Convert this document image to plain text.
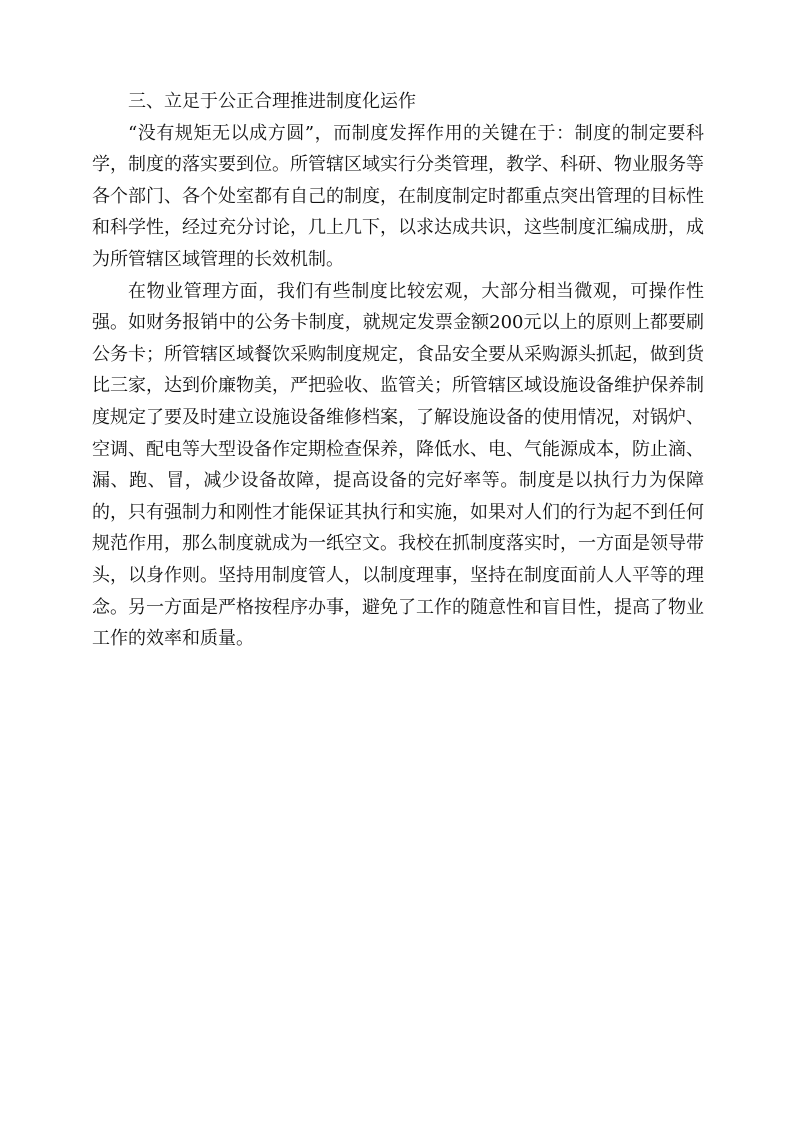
三、立足于公正合理推进制度化运作

“没有规矩无以成方圆”，而制度发挥作用的关键在于：制度的制定要科学，制度的落实要到位。所管辖区域实行分类管理，教学、科研、物业服务等各个部门、各个处室都有自己的制度，在制度制定时都重点突出管理的目标性和科学性，经过充分讨论，几上几下，以求达成共识，这些制度汇编成册，成为所管辖区域管理的长效机制。

在物业管理方面，我们有些制度比较宏观，大部分相当微观，可操作性强。如财务报销中的公务卡制度，就规定发票金额200元以上的原则上都要刷公务卡；所管辖区域餐饮采购制度规定，食品安全要从采购源头抓起，做到货比三家，达到价廉物美，严把验收、监管关；所管辖区域设施设备维护保养制度规定了要及时建立设施设备维修档案，了解设施设备的使用情况，对锅炉、空调、配电等大型设备作定期检查保养，降低水、电、气能源成本，防止滴、漏、跑、冒，减少设备故障，提高设备的完好率等。制度是以执行力为保障的，只有强制力和刚性才能保证其执行和实施，如果对人们的行为起不到任何规范作用，那么制度就成为一纸空文。我校在抓制度落实时，一方面是领导带头，以身作则。坚持用制度管人，以制度理事，坚持在制度面前人人平等的理念。另一方面是严格按程序办事，避免了工作的随意性和盲目性，提高了物业工作的效率和质量。
